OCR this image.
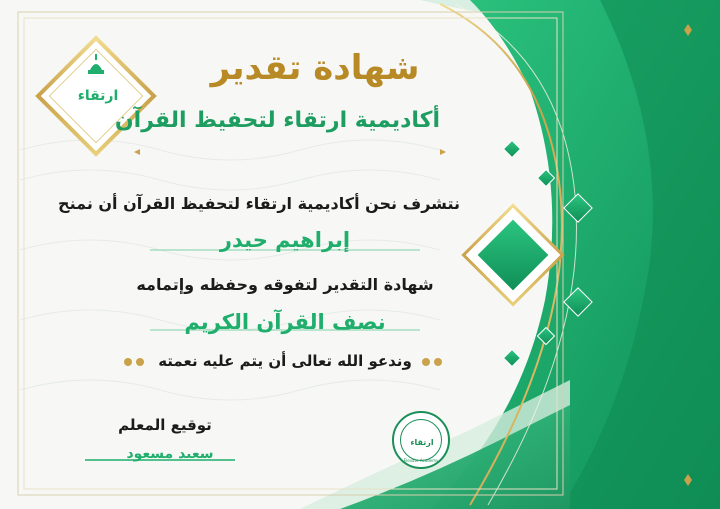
ارتقاء
شهادة تقدير
أكاديمية ارتقاء لتحفيظ القرآن
نتشرف نحن أكاديمية ارتقاء لتحفيظ القرآن أن نمنح
إبراهيم حيدر
شهادة التقدير لتفوقه وحفظه وإتمامه
نصف القرآن الكريم
وندعو الله تعالى أن يتم عليه نعمته
توقيع المعلم
سعيد مسعود
ارتقاء
Elevate Academy
